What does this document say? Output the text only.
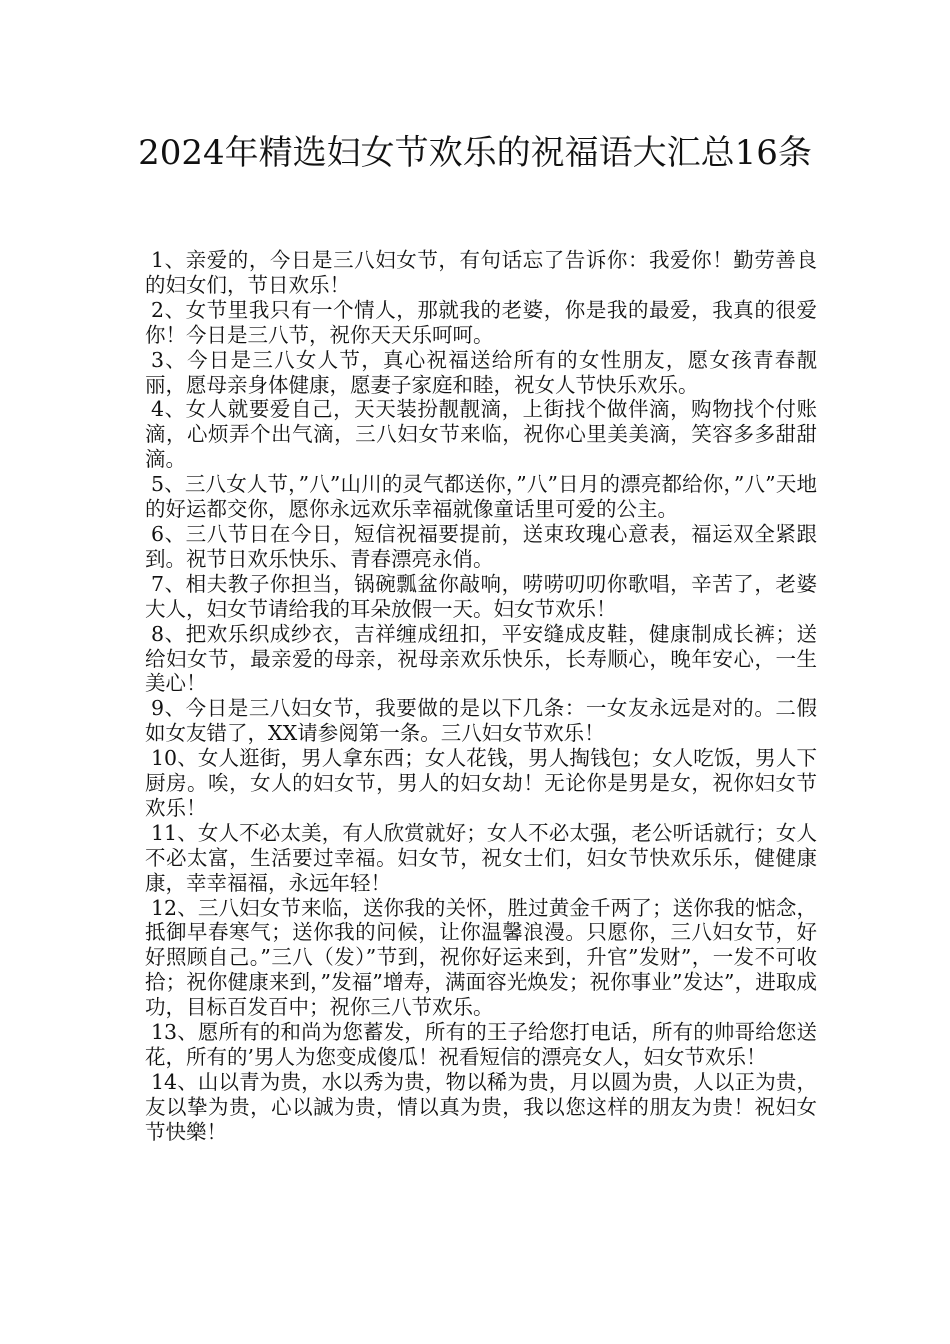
2024年精选妇女节欢乐的祝福语大汇总16条

1、亲爱的，今日是三八妇女节，有句话忘了告诉你：我爱你！勤劳善良的妇女们，节日欢乐！

2、女节里我只有一个情人，那就我的老婆，你是我的最爱，我真的很爱你！今日是三八节，祝你天天乐呵呵。

3、今日是三八女人节，真心祝福送给所有的女性朋友，愿女孩青春靓丽，愿母亲身体健康，愿妻子家庭和睦，祝女人节快乐欢乐。

4、女人就要爱自己，天天装扮靓靓滴，上街找个做伴滴，购物找个付账滴，心烦弄个出气滴，三八妇女节来临，祝你心里美美滴，笑容多多甜甜滴。

5、三八女人节，”八”山川的灵气都送你，”八”日月的漂亮都给你，”八”天地的好运都交你，愿你永远欢乐幸福就像童话里可爱的公主。

6、三八节日在今日，短信祝福要提前，送束玫瑰心意表，福运双全紧跟到。祝节日欢乐快乐、青春漂亮永俏。

7、相夫教子你担当，锅碗瓢盆你敲响，唠唠叨叨你歌唱，辛苦了，老婆大人，妇女节请给我的耳朵放假一天。妇女节欢乐！

8、把欢乐织成纱衣，吉祥缠成纽扣，平安缝成皮鞋，健康制成长裤；送给妇女节，最亲爱的母亲，祝母亲欢乐快乐，长寿顺心，晚年安心，一生美心！

9、今日是三八妇女节，我要做的是以下几条：一女友永远是对的。二假如女友错了，XX请参阅第一条。三八妇女节欢乐！

10、女人逛街，男人拿东西；女人花钱，男人掏钱包；女人吃饭，男人下厨房。唉，女人的妇女节，男人的妇女劫！无论你是男是女，祝你妇女节欢乐！

11、女人不必太美，有人欣赏就好；女人不必太强，老公听话就行；女人不必太富，生活要过幸福。妇女节，祝女士们，妇女节快欢乐乐，健健康康，幸幸福福，永远年轻！

12、三八妇女节来临，送你我的关怀，胜过黄金千两了；送你我的惦念，抵御早春寒气；送你我的问候，让你温馨浪漫。只愿你，三八妇女节，好好照顾自己。”三八（发）”节到，祝你好运来到，升官”发财”，一发不可收拾；祝你健康来到，”发福”增寿，满面容光焕发；祝你事业”发达”，进取成功，目标百发百中；祝你三八节欢乐。

13、愿所有的和尚为您蓄发，所有的王子给您打电话，所有的帅哥给您送花，所有的’男人为您变成傻瓜！祝看短信的漂亮女人，妇女节欢乐！

14、山以青为贵，水以秀为贵，物以稀为贵，月以圆为贵，人以正为贵，友以挚为贵，心以誠为贵，情以真为贵，我以您这样的朋友为贵！祝妇女节快樂！
